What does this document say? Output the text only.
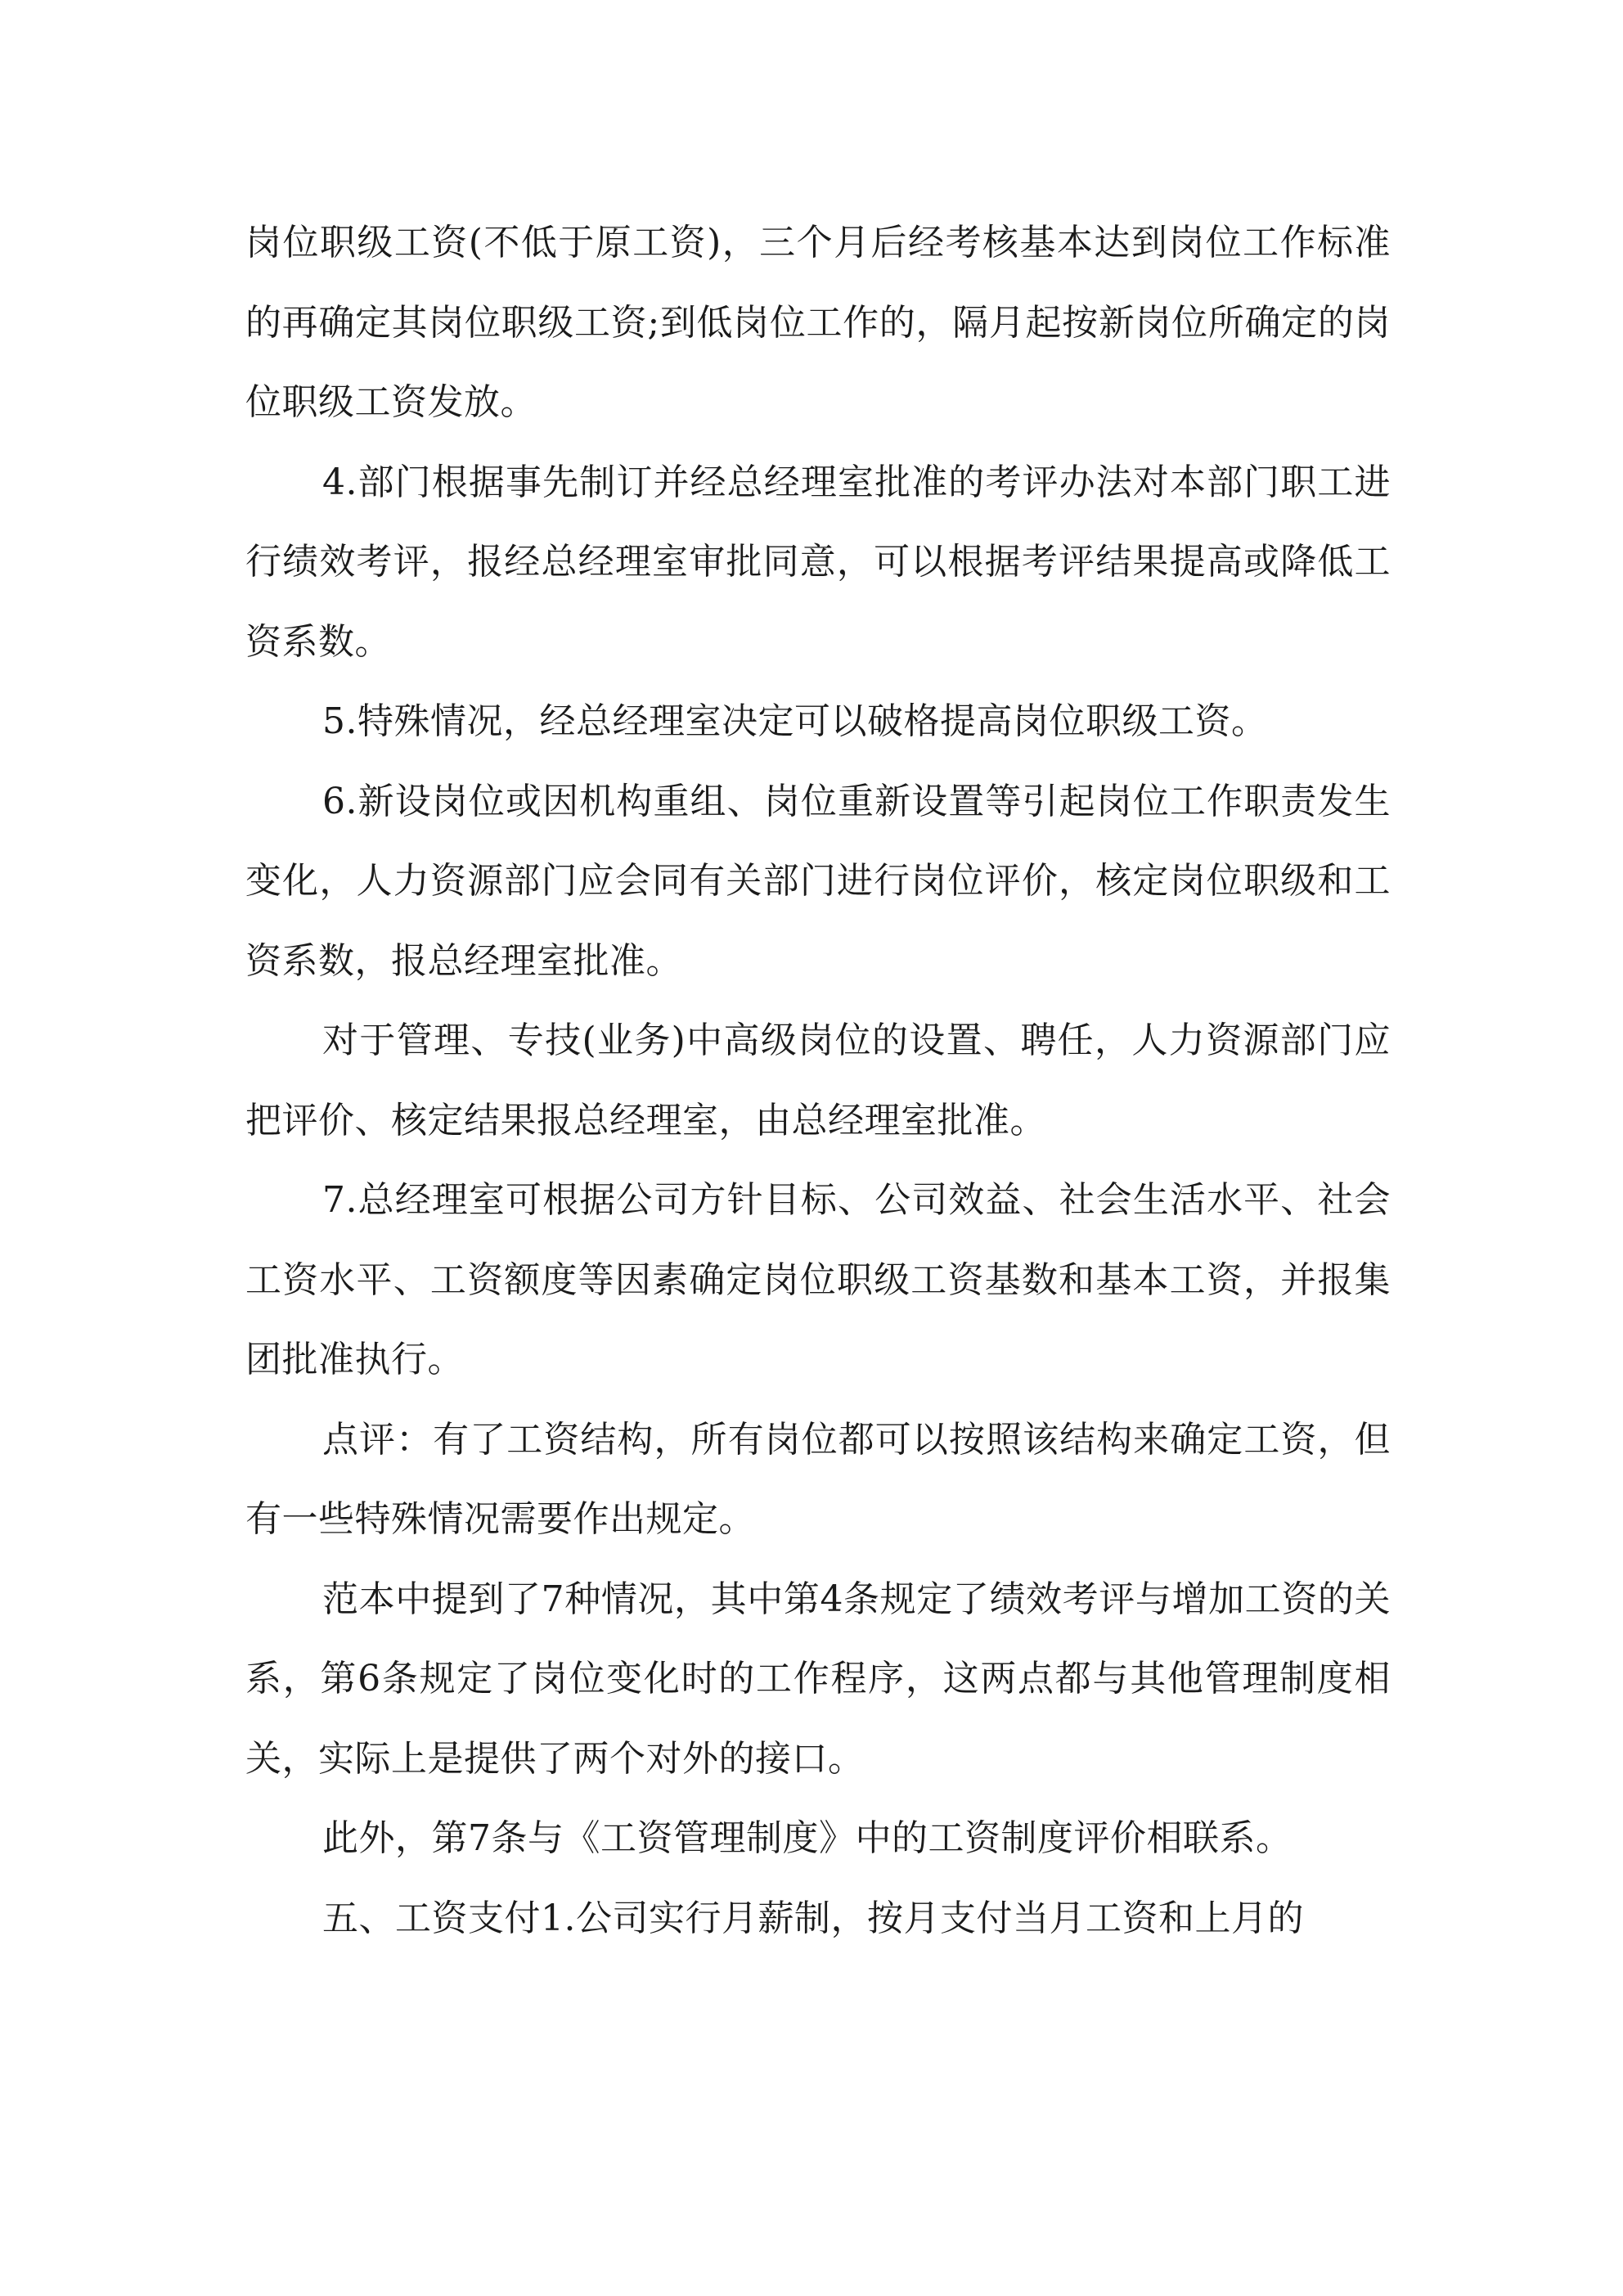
岗位职级工资(不低于原工资)，三个月后经考核基本达到岗位工作标准的再确定其岗位职级工资;到低岗位工作的，隔月起按新岗位所确定的岗位职级工资发放。

4.部门根据事先制订并经总经理室批准的考评办法对本部门职工进行绩效考评，报经总经理室审批同意，可以根据考评结果提高或降低工资系数。

5.特殊情况，经总经理室决定可以破格提高岗位职级工资。

6.新设岗位或因机构重组、岗位重新设置等引起岗位工作职责发生变化，人力资源部门应会同有关部门进行岗位评价，核定岗位职级和工资系数，报总经理室批准。

对于管理、专技(业务)中高级岗位的设置、聘任，人力资源部门应把评价、核定结果报总经理室，由总经理室批准。

7.总经理室可根据公司方针目标、公司效益、社会生活水平、社会工资水平、工资额度等因素确定岗位职级工资基数和基本工资，并报集团批准执行。

点评：有了工资结构，所有岗位都可以按照该结构来确定工资，但有一些特殊情况需要作出规定。

范本中提到了7种情况，其中第4条规定了绩效考评与增加工资的关系，第6条规定了岗位变化时的工作程序，这两点都与其他管理制度相关，实际上是提供了两个对外的接口。

此外，第7条与《工资管理制度》中的工资制度评价相联系。

五、工资支付1.公司实行月薪制，按月支付当月工资和上月的
